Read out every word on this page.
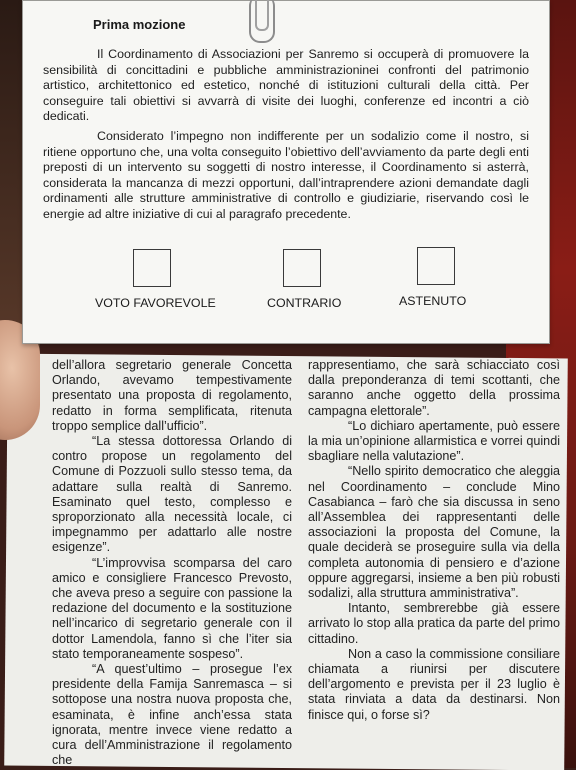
dell’allora segretario generale Concetta Orlando, avevamo tempestivamente presentato una proposta di regolamento, redatto in forma semplificata, ritenuta troppo semplice dall’ufficio”.

“La stessa dottoressa Orlando di contro propose un regolamento del Comune di Pozzuoli sullo stesso tema, da adattare sulla realtà di Sanremo. Esaminato quel testo, complesso e sproporzionato alla necessità locale, ci impegnammo per adattarlo alle nostre esigenze”.

“L’improvvisa scomparsa del caro amico e consigliere Francesco Prevosto, che aveva preso a seguire con passione la redazione del documento e la sostituzione nell’incarico di segretario generale con il dottor Lamendola, fanno sì che l’iter sia stato temporaneamente sospeso”.

“A quest’ultimo – prosegue l’ex presidente della Famija Sanremasca – si sottopose una nostra nuova proposta che, esaminata, è infine anch’essa stata ignorata, mentre invece viene redatto a cura dell’Amministrazione il regolamento che

rappresentiamo, che sarà schiacciato così dalla preponderanza di temi scottanti, che saranno anche oggetto della prossima campagna elettorale”.

“Lo dichiaro apertamente, può essere la mia un’opinione allarmistica e vorrei quindi sbagliare nella valutazione”.

“Nello spirito democratico che aleggia nel Coordinamento – conclude Mino Casabianca – farò che sia discussa in seno all’Assemblea dei rappresentanti delle associazioni la proposta del Comune, la quale deciderà se proseguire sulla via della completa autonomia di pensiero e d’azione oppure aggregarsi, insieme a ben più robusti sodalizi, alla struttura amministrativa”.

Intanto, sembrerebbe già essere arrivato lo stop alla pratica da parte del primo cittadino.

Non a caso la commissione consiliare chiamata a riunirsi per discutere dell’argomento e prevista per il 23 luglio è stata rinviata a data da destinarsi. Non finisce qui, o forse sì?

Prima mozione

Il Coordinamento di Associazioni per Sanremo si occuperà di promuovere la sensibilità di concittadini e pubbliche amministrazioninei confronti del patrimonio artistico, architettonico ed estetico, nonché di istituzioni culturali della città. Per conseguire tali obiettivi si avvarrà di visite dei luoghi, conferenze ed incontri a ciò dedicati.

Considerato l’impegno non indifferente per un sodalizio come il nostro, si ritiene opportuno che, una volta conseguito l’obiettivo dell’avviamento da parte degli enti preposti di un intervento su soggetti di nostro interesse, il Coordinamento si asterrà, considerata la mancanza di mezzi opportuni, dall’intraprendere azioni demandate dagli ordinamenti alle strutture amministrative di controllo e giudiziarie, riservando così le energie ad altre iniziative di cui al paragrafo precedente.

VOTO FAVOREVOLE	CONTRARIO	ASTENUTO
